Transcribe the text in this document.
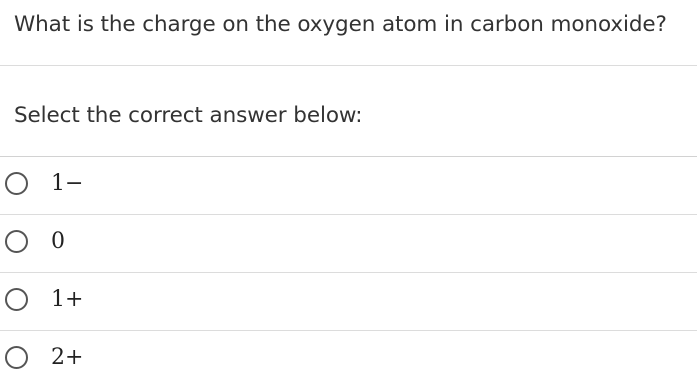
What is the charge on the oxygen atom in carbon monoxide?
Select the correct answer below:
1−
0
1+
2+
